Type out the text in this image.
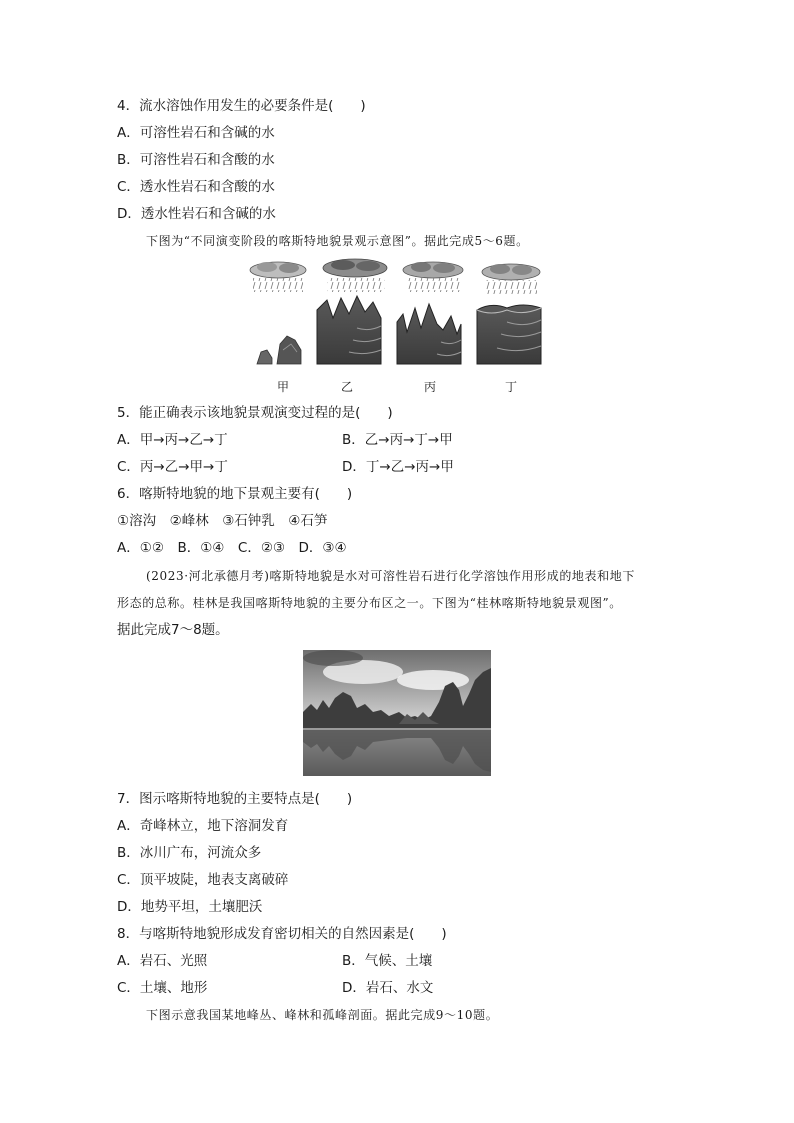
4．流水溶蚀作用发生的必要条件是(　　)
A．可溶性岩石和含碱的水
B．可溶性岩石和含酸的水
C．透水性岩石和含酸的水
D．透水性岩石和含碱的水
下图为“不同演变阶段的喀斯特地貌景观示意图”。据此完成5～6题。
甲	乙	丙	丁
5．能正确表示该地貌景观演变过程的是(　　)
A．甲→丙→乙→丁	B．乙→丙→丁→甲
C．丙→乙→甲→丁	D．丁→乙→丙→甲
6．喀斯特地貌的地下景观主要有(　　)
①溶沟　②峰林　③石钟乳　④石笋
A．①②　B．①④　C．②③　D．③④
(2023·河北承德月考)喀斯特地貌是水对可溶性岩石进行化学溶蚀作用形成的地表和地下
形态的总称。桂林是我国喀斯特地貌的主要分布区之一。下图为“桂林喀斯特地貌景观图”。
据此完成7～8题。
7．图示喀斯特地貌的主要特点是(　　)
A．奇峰林立，地下溶洞发育
B．冰川广布，河流众多
C．顶平坡陡，地表支离破碎
D．地势平坦，土壤肥沃
8．与喀斯特地貌形成发育密切相关的自然因素是(　　)
A．岩石、光照	B．气候、土壤
C．土壤、地形	D．岩石、水文
下图示意我国某地峰丛、峰林和孤峰剖面。据此完成9～10题。
